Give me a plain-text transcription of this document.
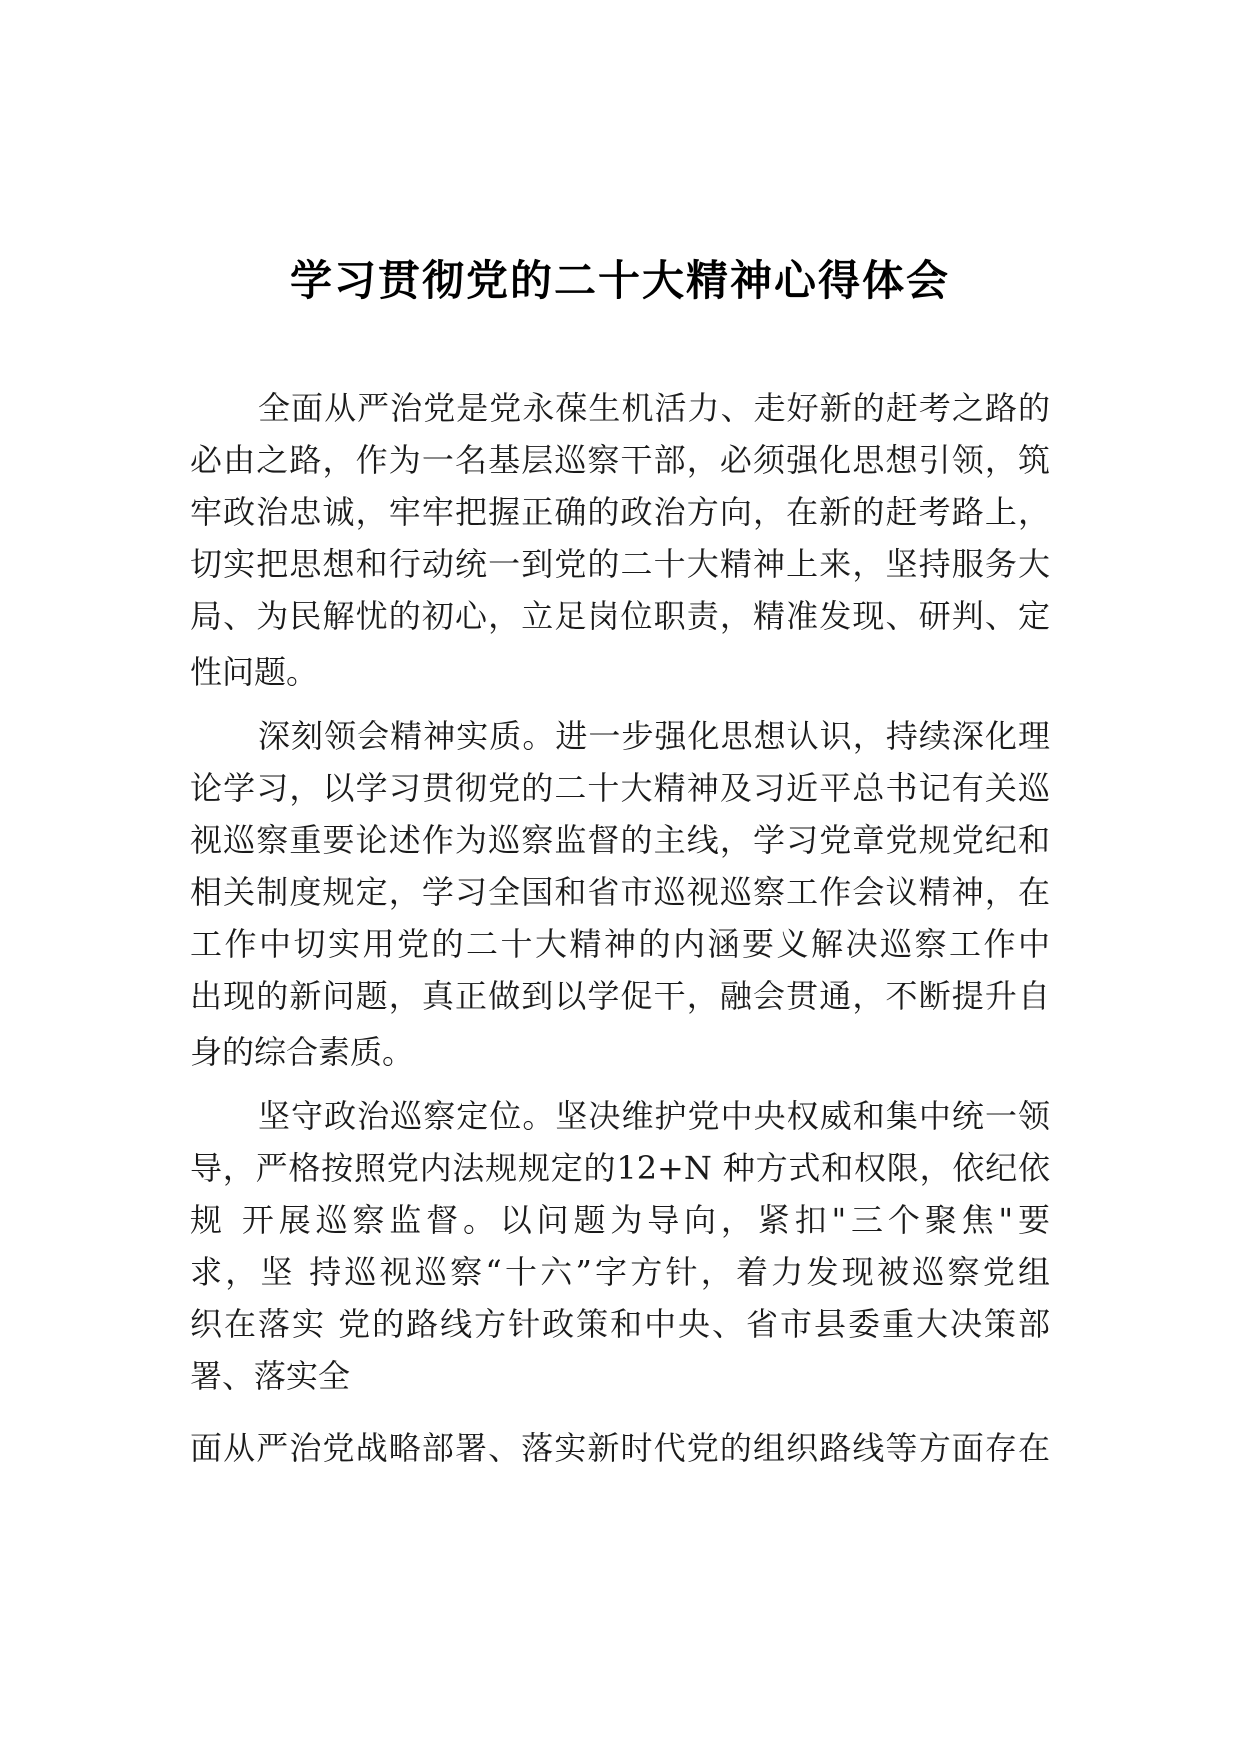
学习贯彻党的二十大精神心得体会
全面从严治党是党永葆生机活力、走好新的赶考之路的
必由之路，作为一名基层巡察干部，必须强化思想引领，筑
牢政治忠诚，牢牢把握正确的政治方向，在新的赶考路上，
切实把思想和行动统一到党的二十大精神上来，坚持服务大
局、为民解忧的初心，立足岗位职责，精准发现、研判、定
性问题。
深刻领会精神实质。进一步强化思想认识，持续深化理
论学习，以学习贯彻党的二十大精神及习近平总书记有关巡
视巡察重要论述作为巡察监督的主线，学习党章党规党纪和
相关制度规定，学习全国和省市巡视巡察工作会议精神，在
工作中切实用党的二十大精神的内涵要义解决巡察工作中
出现的新问题，真正做到以学促干，融会贯通，不断提升自
身的综合素质。
坚守政治巡察定位。坚决维护党中央权威和集中统一领
导，严格按照党内法规规定的12+N 种方式和权限，依纪依
规 开展巡察监督。以问题为导向，紧扣"三个聚焦"要
求，坚 持巡视巡察“十六”字方针，着力发现被巡察党组
织在落实 党的路线方针政策和中央、省市县委重大决策部
署、落实全
面从严治党战略部署、落实新时代党的组织路线等方面存在
